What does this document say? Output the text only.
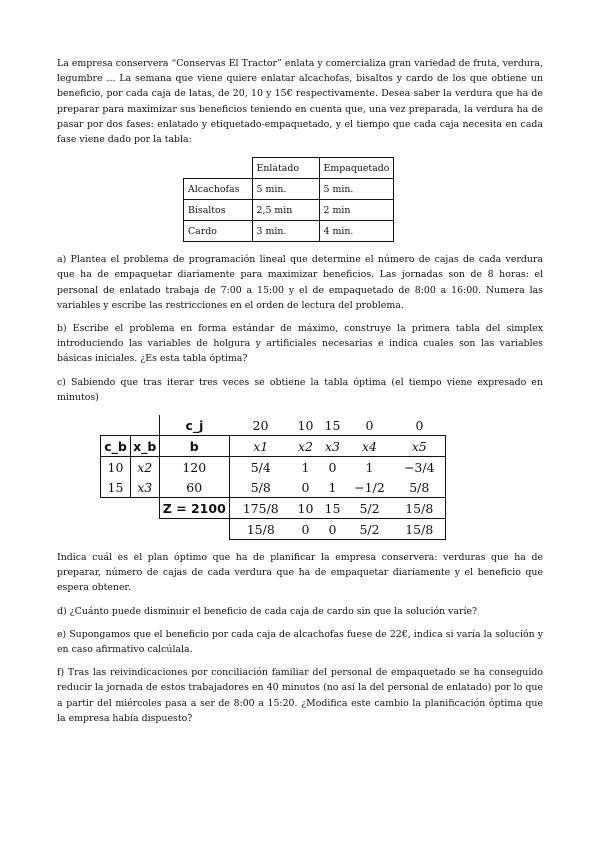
La empresa conservera “Conservas El Tractor” enlata y comercializa gran variedad de fruta, verdura, legumbre ... La semana que viene quiere enlatar alcachofas, bisaltos y cardo de los que obtiene un beneficio, por cada caja de latas, de 20, 10 y 15€ respectivamente. Desea saber la verdura que ha de preparar para maximizar sus beneficios teniendo en cuenta que, una vez preparada, la verdura ha de pasar por dos fases: enlatado y etiquetado-empaquetado, y el tiempo que cada caja necesita en cada fase viene dado por la tabla:

	Enlatado	Empaquetado
Alcachofas	5 min.	5 min.
Bisaltos	2,5 min	2 min
Cardo	3 min.	4 min.

a) Plantea el problema de programación lineal que determine el número de cajas de cada verdura que ha de empaquetar diariamente para maximizar beneficios. Las jornadas son de 8 horas: el personal de enlatado trabaja de 7:00 a 15:00 y el de empaquetado de 8:00 a 16:00. Numera las variables y escribe las restricciones en el orden de lectura del problema.

b) Escribe el problema en forma estándar de máximo, construye la primera tabla del simplex introduciendo las variables de holgura y artificiales necesarias e indica cuales son las variables básicas iniciales. ¿Es esta tabla óptima?

c) Sabiendo que tras iterar tres veces se obtiene la tabla óptima (el tiempo viene expresado en minutos)

		c_j	20	10	15	0	0
c_b	x_b	b	x1	x2	x3	x4	x5
10	x2	120	5/4	1	0	1	−3/4
15	x3	60	5/8	0	1	−1/2	5/8
		Z = 2100	175/8	10	15	5/2	15/8
			15/8	0	0	5/2	15/8

Indica cuál es el plan óptimo que ha de planificar la empresa conservera: verduras que ha de preparar, número de cajas de cada verdura que ha de empaquetar diariamente y el beneficio que espera obtener.

d) ¿Cuánto puede disminuir el beneficio de cada caja de cardo sin que la solución varíe?

e) Supongamos que el beneficio por cada caja de alcachofas fuese de 22€, indica si varía la solución y en caso afirmativo calcúlala.

f) Tras las reivindicaciones por conciliación familiar del personal de empaquetado se ha conseguido reducir la jornada de estos trabajadores en 40 minutos (no así la del personal de enlatado) por lo que a partir del miércoles pasa a ser de 8:00 a 15:20. ¿Modifica este cambio la planificación óptima que la empresa había dispuesto?
